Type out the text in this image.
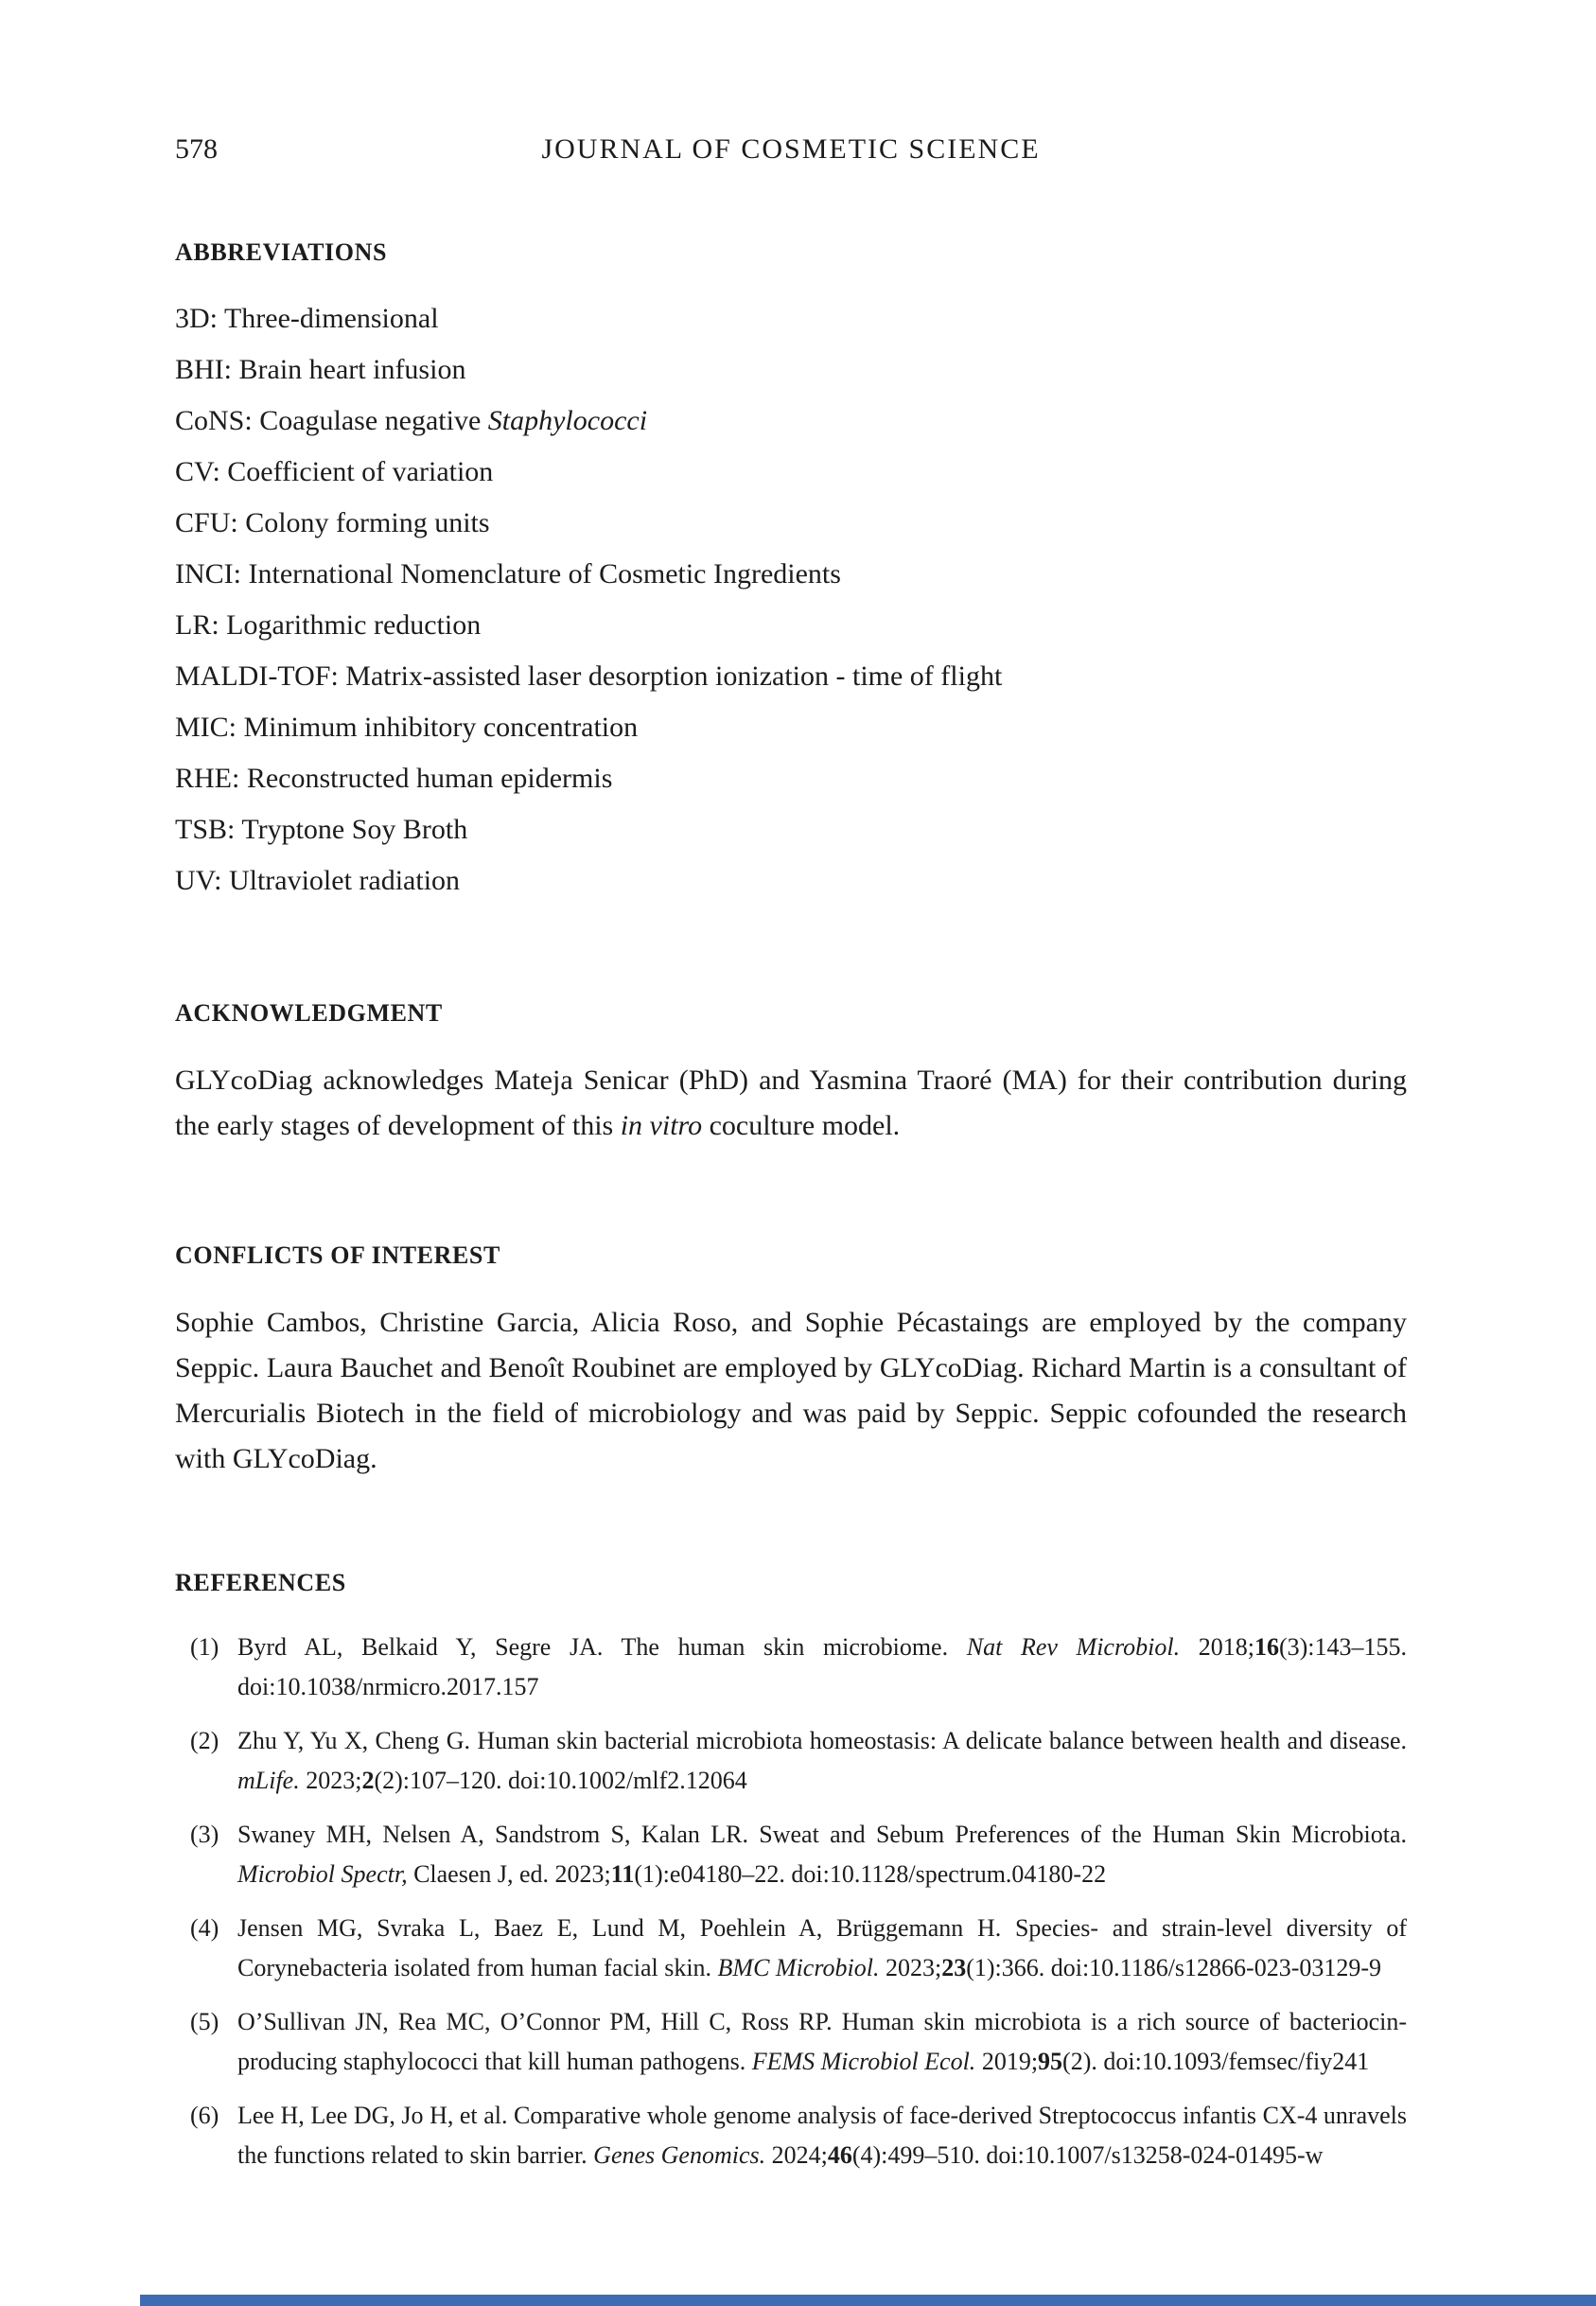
578	JOURNAL OF COSMETIC SCIENCE
ABBREVIATIONS

3D: Three-dimensional

BHI: Brain heart infusion

CoNS: Coagulase negative Staphylococci

CV: Coefficient of variation

CFU: Colony forming units

INCI: International Nomenclature of Cosmetic Ingredients

LR: Logarithmic reduction

MALDI-TOF: Matrix-assisted laser desorption ionization - time of flight

MIC: Minimum inhibitory concentration

RHE: Reconstructed human epidermis

TSB: Tryptone Soy Broth

UV: Ultraviolet radiation

ACKNOWLEDGMENT

GLYcoDiag acknowledges Mateja Senicar (PhD) and Yasmina Traoré (MA) for their contribution during the early stages of development of this in vitro coculture model.

CONFLICTS OF INTEREST

Sophie Cambos, Christine Garcia, Alicia Roso, and Sophie Pécastaings are employed by the company Seppic. Laura Bauchet and Benoît Roubinet are employed by GLYcoDiag. Richard Martin is a consultant of Mercurialis Biotech in the field of microbiology and was paid by Seppic. Seppic cofounded the research with GLYcoDiag.

REFERENCES

(1) Byrd AL, Belkaid Y, Segre JA. The human skin microbiome. Nat Rev Microbiol. 2018;16(3):143–155. doi:10.1038/nrmicro.2017.157

(2) Zhu Y, Yu X, Cheng G. Human skin bacterial microbiota homeostasis: A delicate balance between health and disease. mLife. 2023;2(2):107–120. doi:10.1002/mlf2.12064

(3) Swaney MH, Nelsen A, Sandstrom S, Kalan LR. Sweat and Sebum Preferences of the Human Skin Microbiota. Microbiol Spectr, Claesen J, ed. 2023;11(1):e04180–22. doi:10.1128/spectrum.04180-22

(4) Jensen MG, Svraka L, Baez E, Lund M, Poehlein A, Brüggemann H. Species- and strain-level diversity of Corynebacteria isolated from human facial skin. BMC Microbiol. 2023;23(1):366. doi:10.1186/s12866-023-03129-9

(5) O’Sullivan JN, Rea MC, O’Connor PM, Hill C, Ross RP. Human skin microbiota is a rich source of bacteriocin-producing staphylococci that kill human pathogens. FEMS Microbiol Ecol. 2019;95(2). doi:10.1093/femsec/fiy241

(6) Lee H, Lee DG, Jo H, et al. Comparative whole genome analysis of face-derived Streptococcus infantis CX-4 unravels the functions related to skin barrier. Genes Genomics. 2024;46(4):499–510. doi:10.1007/s13258-024-01495-w
